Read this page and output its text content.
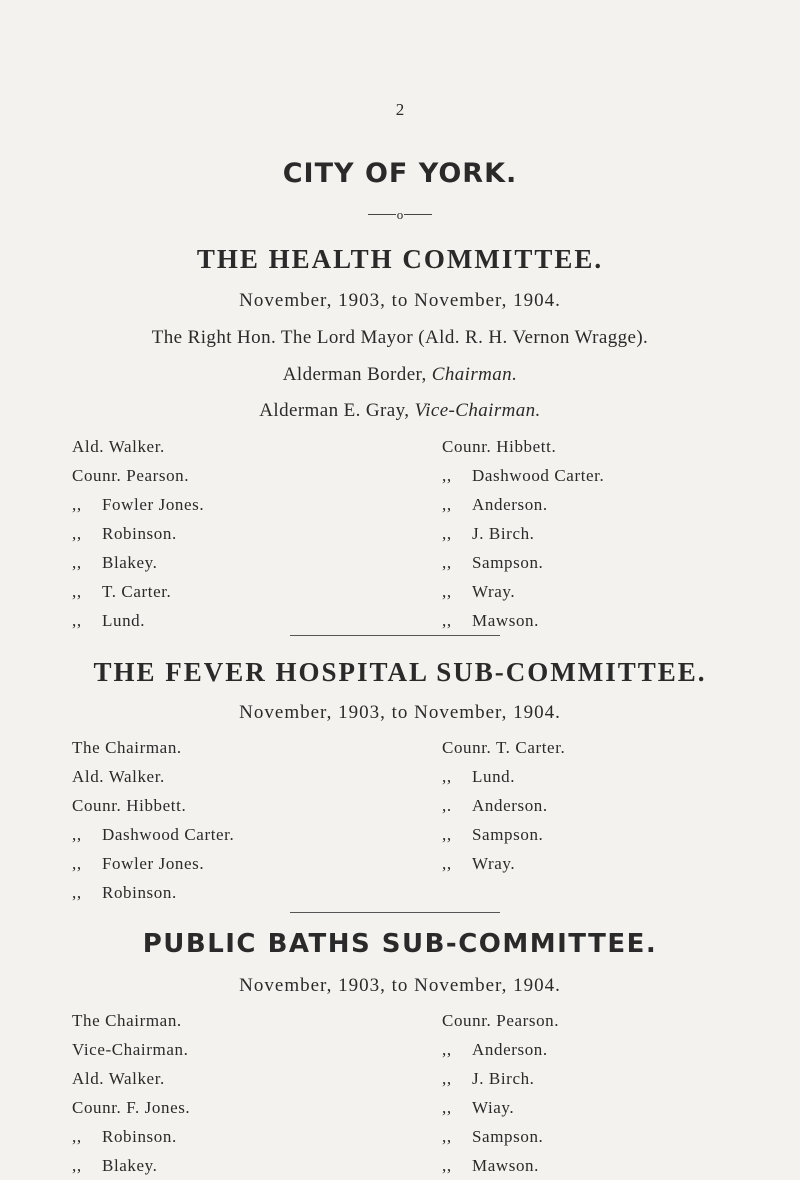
2
CITY OF YORK.
o
THE HEALTH COMMITTEE.
November, 1903, to November, 1904.
The Right Hon. The Lord Mayor (Ald. R. H. Vernon Wragge).
Alderman Border, Chairman.
Alderman E. Gray, Vice-Chairman.
Ald. Walker.
Counr. Pearson.
,, Fowler Jones.
,, Robinson.
,, Blakey.
,, T. Carter.
,, Lund.
Counr. Hibbett.
,, Dashwood Carter.
,, Anderson.
,, J. Birch.
,, Sampson.
,, Wray.
,, Mawson.
THE FEVER HOSPITAL SUB-COMMITTEE.
November, 1903, to November, 1904.
The Chairman.
Ald. Walker.
Counr. Hibbett.
,, Dashwood Carter.
,, Fowler Jones.
,, Robinson.
Counr. T. Carter.
,, Lund.
,. Anderson.
,, Sampson.
,, Wray.
PUBLIC BATHS SUB-COMMITTEE.
November, 1903, to November, 1904.
The Chairman.
Vice-Chairman.
Ald. Walker.
Counr. F. Jones.
,, Robinson.
,, Blakey.
Counr. Pearson.
,, Anderson.
,, J. Birch.
,, Wiay.
,, Sampson.
,, Mawson.
